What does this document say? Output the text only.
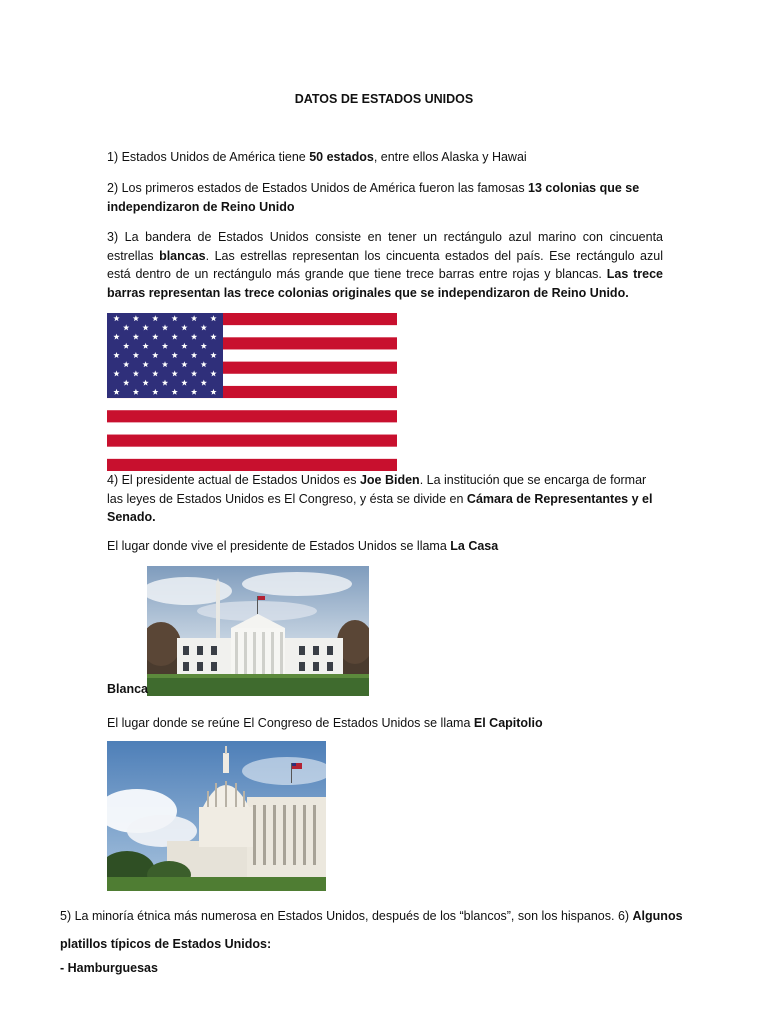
DATOS DE ESTADOS UNIDOS
1) Estados Unidos de América tiene 50 estados, entre ellos Alaska y Hawai
2) Los primeros estados de Estados Unidos de América fueron las famosas 13 colonias que se independizaron de Reino Unido
3) La bandera de Estados Unidos consiste en tener un rectángulo azul marino con cincuenta estrellas blancas. Las estrellas representan los cincuenta estados del país. Ese rectángulo azul está dentro de un rectángulo más grande que tiene trece barras entre rojas y blancas. Las trece barras representan las trece colonias originales que se independizaron de Reino Unido.
4) El presidente actual de Estados Unidos es Joe Biden. La institución que se encarga de formar las leyes de Estados Unidos es El Congreso, y ésta se divide en Cámara de Representantes y el Senado.
El lugar donde vive el presidente de Estados Unidos se llama La Casa
Blanca
El lugar donde se reúne El Congreso de Estados Unidos se llama El Capitolio
5) La minoría étnica más numerosa en Estados Unidos, después de los “blancos”, son los hispanos. 6) Algunos platillos típicos de Estados Unidos:
- Hamburguesas
